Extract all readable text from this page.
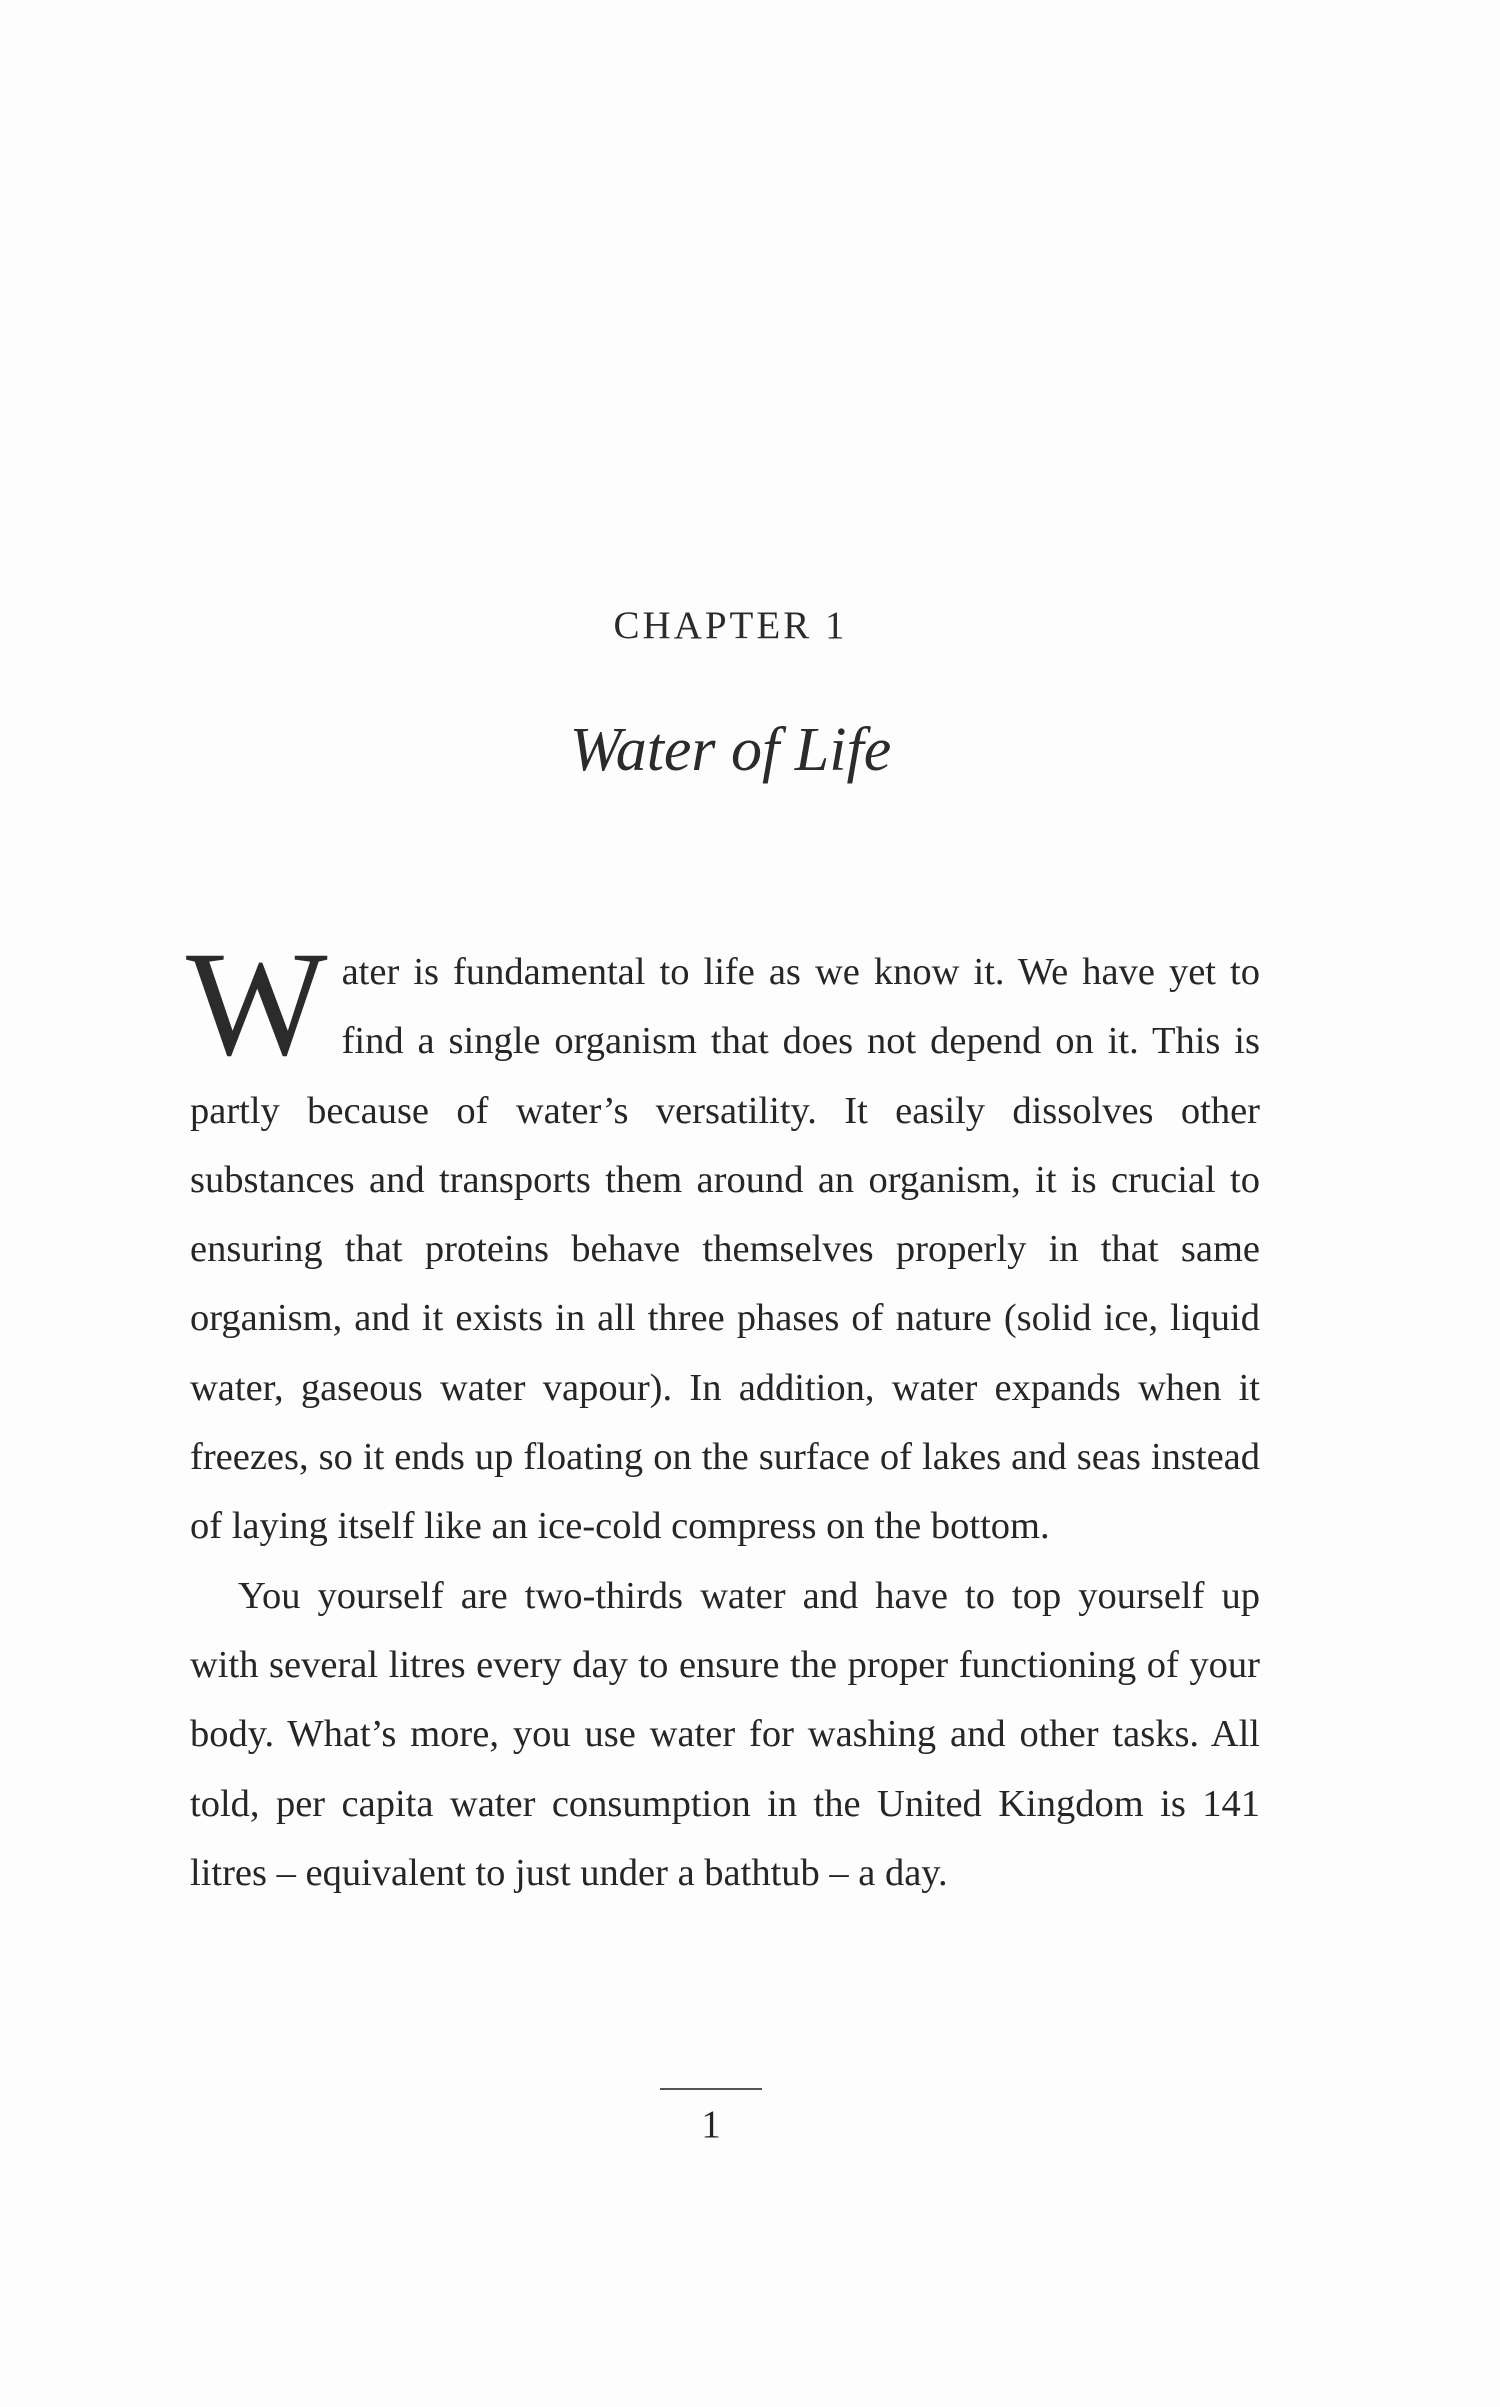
CHAPTER 1
Water of Life

Water is fundamental to life as we know it. We have yet to find a single organism that does not depend on it. This is partly because of water’s versatility. It easily dissolves other substances and transports them around an organism, it is crucial to ensuring that proteins behave themselves properly in that same organism, and it exists in all three phases of nature (solid ice, liquid water, gaseous water vapour). In addition, water expands when it freezes, so it ends up floating on the surface of lakes and seas instead of laying itself like an ice-cold compress on the bottom.

You yourself are two-thirds water and have to top yourself up with several litres every day to ensure the proper functioning of your body. What’s more, you use water for washing and other tasks. All told, per capita water consumption in the United Kingdom is 141 litres – equivalent to just under a bathtub – a day.

1
